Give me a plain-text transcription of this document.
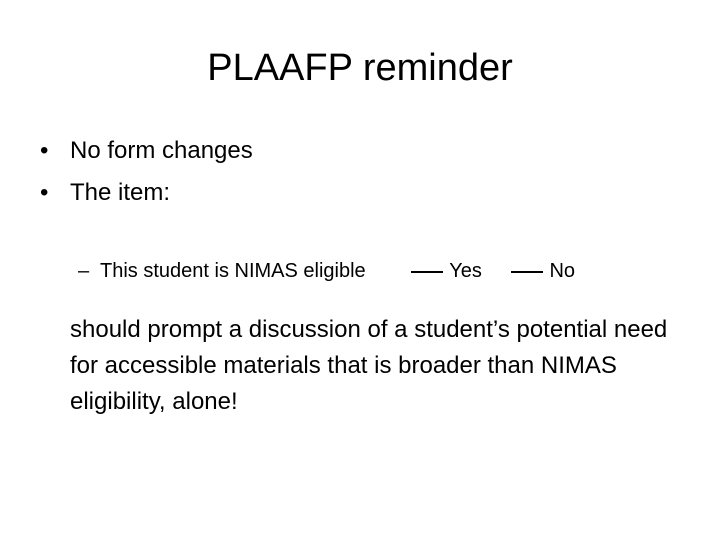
PLAAFP reminder
• No form changes
• The item:
– This student is NIMAS eligible	Yes	No
should prompt a discussion of a student’s potential need for accessible materials that is broader than NIMAS eligibility, alone!
